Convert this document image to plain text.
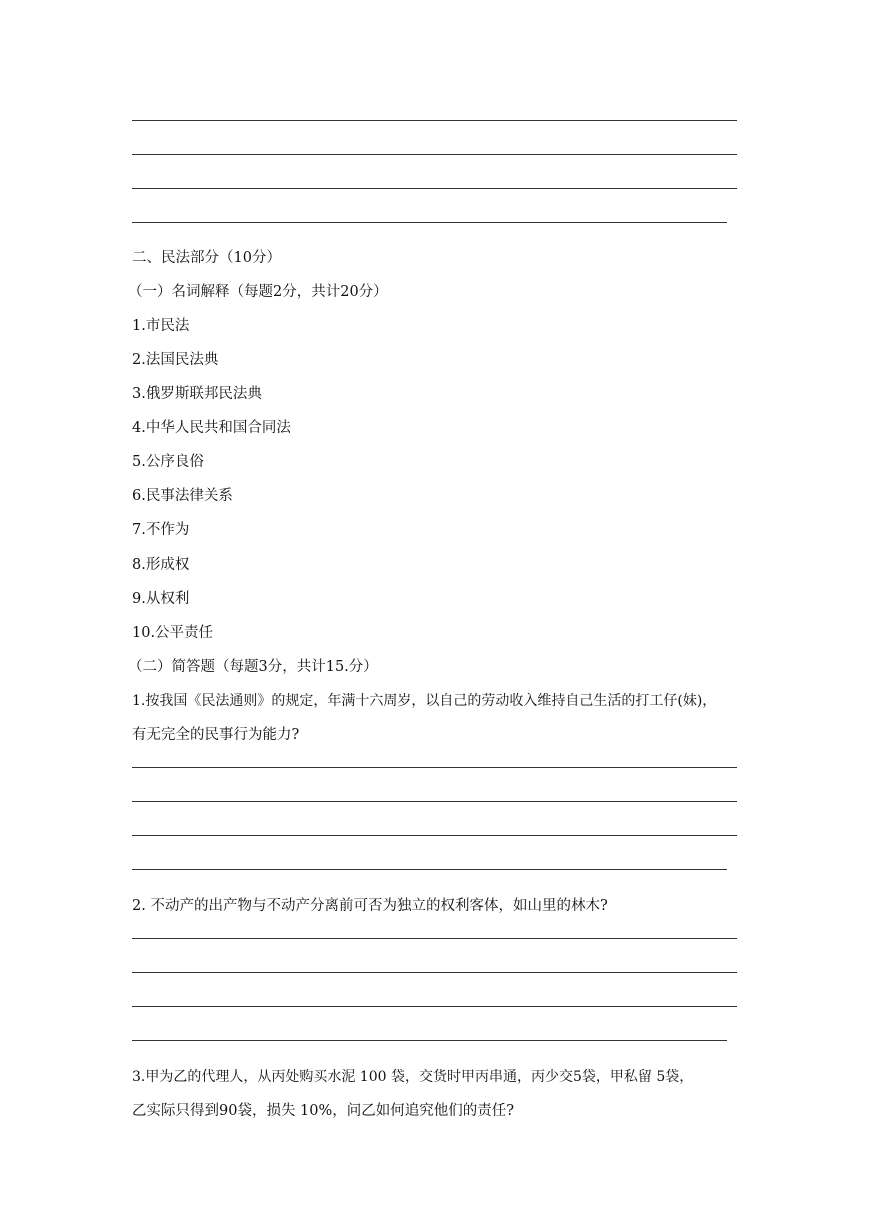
二、民法部分（10分）
（一）名词解释（每题2分，共计20分）
1.市民法
2.法国民法典
3.俄罗斯联邦民法典
4.中华人民共和国合同法
5.公序良俗
6.民事法律关系
7.不作为
8.形成权
9.从权利
10.公平责任
（二）简答题（每题3分，共计15.分）
1.按我国《民法通则》的规定，年满十六周岁，以自己的劳动收入维持自己生活的打工仔(妹)，
有无完全的民事行为能力?
2. 不动产的出产物与不动产分离前可否为独立的权利客体，如山里的林木?
3.甲为乙的代理人，从丙处购买水泥 100 袋，交货时甲丙串通，丙少交5袋，甲私留 5袋，
乙实际只得到90袋，损失 10%，问乙如何追究他们的责任?
